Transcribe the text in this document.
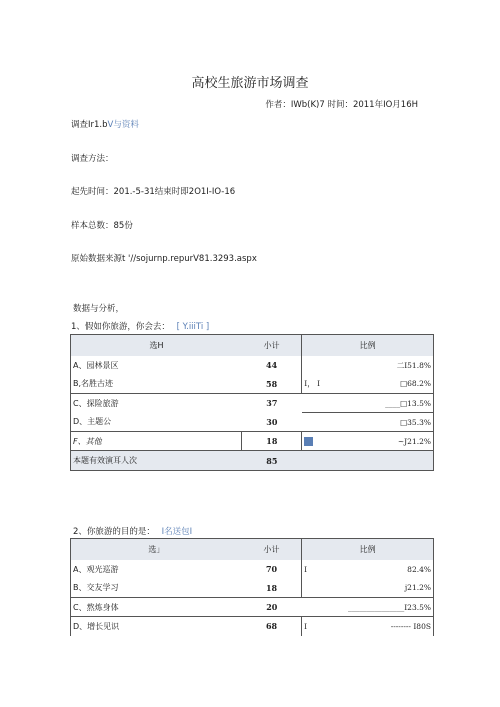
高校生旅游市场调查
作者：IWb(K)7 时间：2011年IO月16H
调查Ir1.bV与资料
调查方法：
起先时间：201.-5-31结束时即2O1I-IO-16
样本总数：85份
原始数据来源t '//sojurnp.repurV81.3293.aspx
数据与分析，
1、假如你旅游，你会去： [ Y.iiiTi ]
选H	小计	比例
A、园林景区	44	二I51.8%
B,名胜古迹	58	I， I □68.2%

C、探险旅游	37	____□13.5%
D、主题公	30	□35.3%
F、其他	18	~J21.2%

本题有效演耳人次	85	
2、你旅游的目的是： I名送包I
选」	小计	比例
A、观光巡游	70	I 82.4%

B、交友学习	18	j21.2%
C、熬炼身体	20	_______________I23.5%
D、增长见识	68	I -------- I80S
